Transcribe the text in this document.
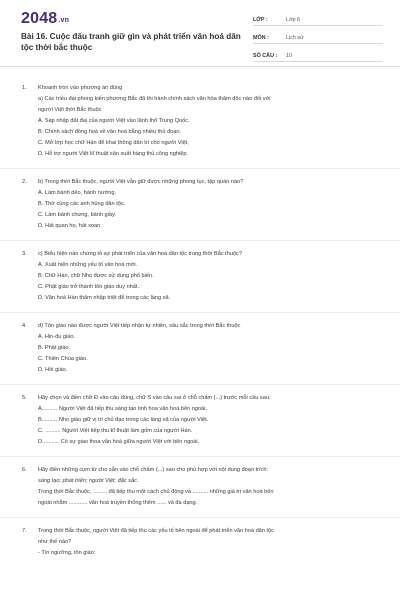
2048.vn
Bài 16. Cuộc đấu tranh giữ gìn và phát triển văn hoá dân tộc thời bắc thuộc
LỚP :	Lớp 6
MÔN :	Lịch sử
SỐ CÂU :	10
1. Khoanh tròn vào phương án đúng
a) Các triều đại phong kiến phương Bắc đã thi hành chính sách văn hóa thâm độc nào đối với
người Việt thời Bắc thuộc
A. Sáp nhập đất đai của người Việt vào lãnh thổ Trung Quốc.
B. Chính sách đồng hoá về văn hoá bằng nhiều thủ đoạn.
C. Mở lớp học chữ Hán để khai thông dân trí cho người Việt,
D. Hỗ trợ người Việt kĩ thuật sản xuất hàng thủ công nghiệp.
2. b) Trong thời Bắc thuộc, người Việt vẫn giữ được những phong tục, tập quán nào?
A. Làm bánh dẻo, bánh nướng.
B. Thờ cúng các anh hùng dân tộc.
C. Làm bánh chưng, bánh giầy.
D. Hát quan họ, hát xoan
3. c) Biểu hiện nào chứng tỏ sự phát triển của văn hoá dân tộc trong thời Bắc thuộc?
A. Xuất hiện những yếu tố văn hoá mới.
B. Chữ Hán, chữ Nho được sử dụng phổ biến.
C. Phật giáo trở thành tôn giáo duy nhất.
D. Văn hoá Hán thâm nhập triệt để trong các làng xã.
4. d) Tôn giáo nào được người Việt tiếp nhận tự nhiên, sâu sắc trong thời Bắc thuộc
A. Hin-đu giáo.
B. Phật giáo.
C. Thiên Chúa giáo.
D. Hồi giáo.
5. Hãy chọn và điền chữ Đ vào câu đúng, chữ S vào câu sai ở chỗ chấm (...) trước mỗi câu sau:
A.......... Người Việt đã tiếp thu sáng tạo tinh hoa văn hoá bên ngoài.
B.......... Nho giáo giữ vị trí chủ đạo trong các làng xã của người Việt.
C. .......... Người Việt tiếp thu kĩ thuật làm gốm của người Hán.
D........... Có sự giao thoa văn hoá giữa người Việt với bên ngoài.
6. Hãy điền những cụm từ cho sẵn vào chỗ chấm (...) sao cho phù hợp với nội dung đoạn trích:
sáng tạo; phát triển; người Việt; đặc sắc.
Trong thời Bắc thuộc, ......... đã tiếp thu một cách chủ động và .......... những giá trị văn hoá bên
ngoài nhằm ............ văn hoá truyền thống thêm ...... và đa dạng.
7. Trong thời Bắc thuộc, người Việt đã tiếp thu các yếu tố bên ngoài để phát triển văn hoá dân tộc
như thế nào?
- Tín ngưỡng, tôn giáo:
